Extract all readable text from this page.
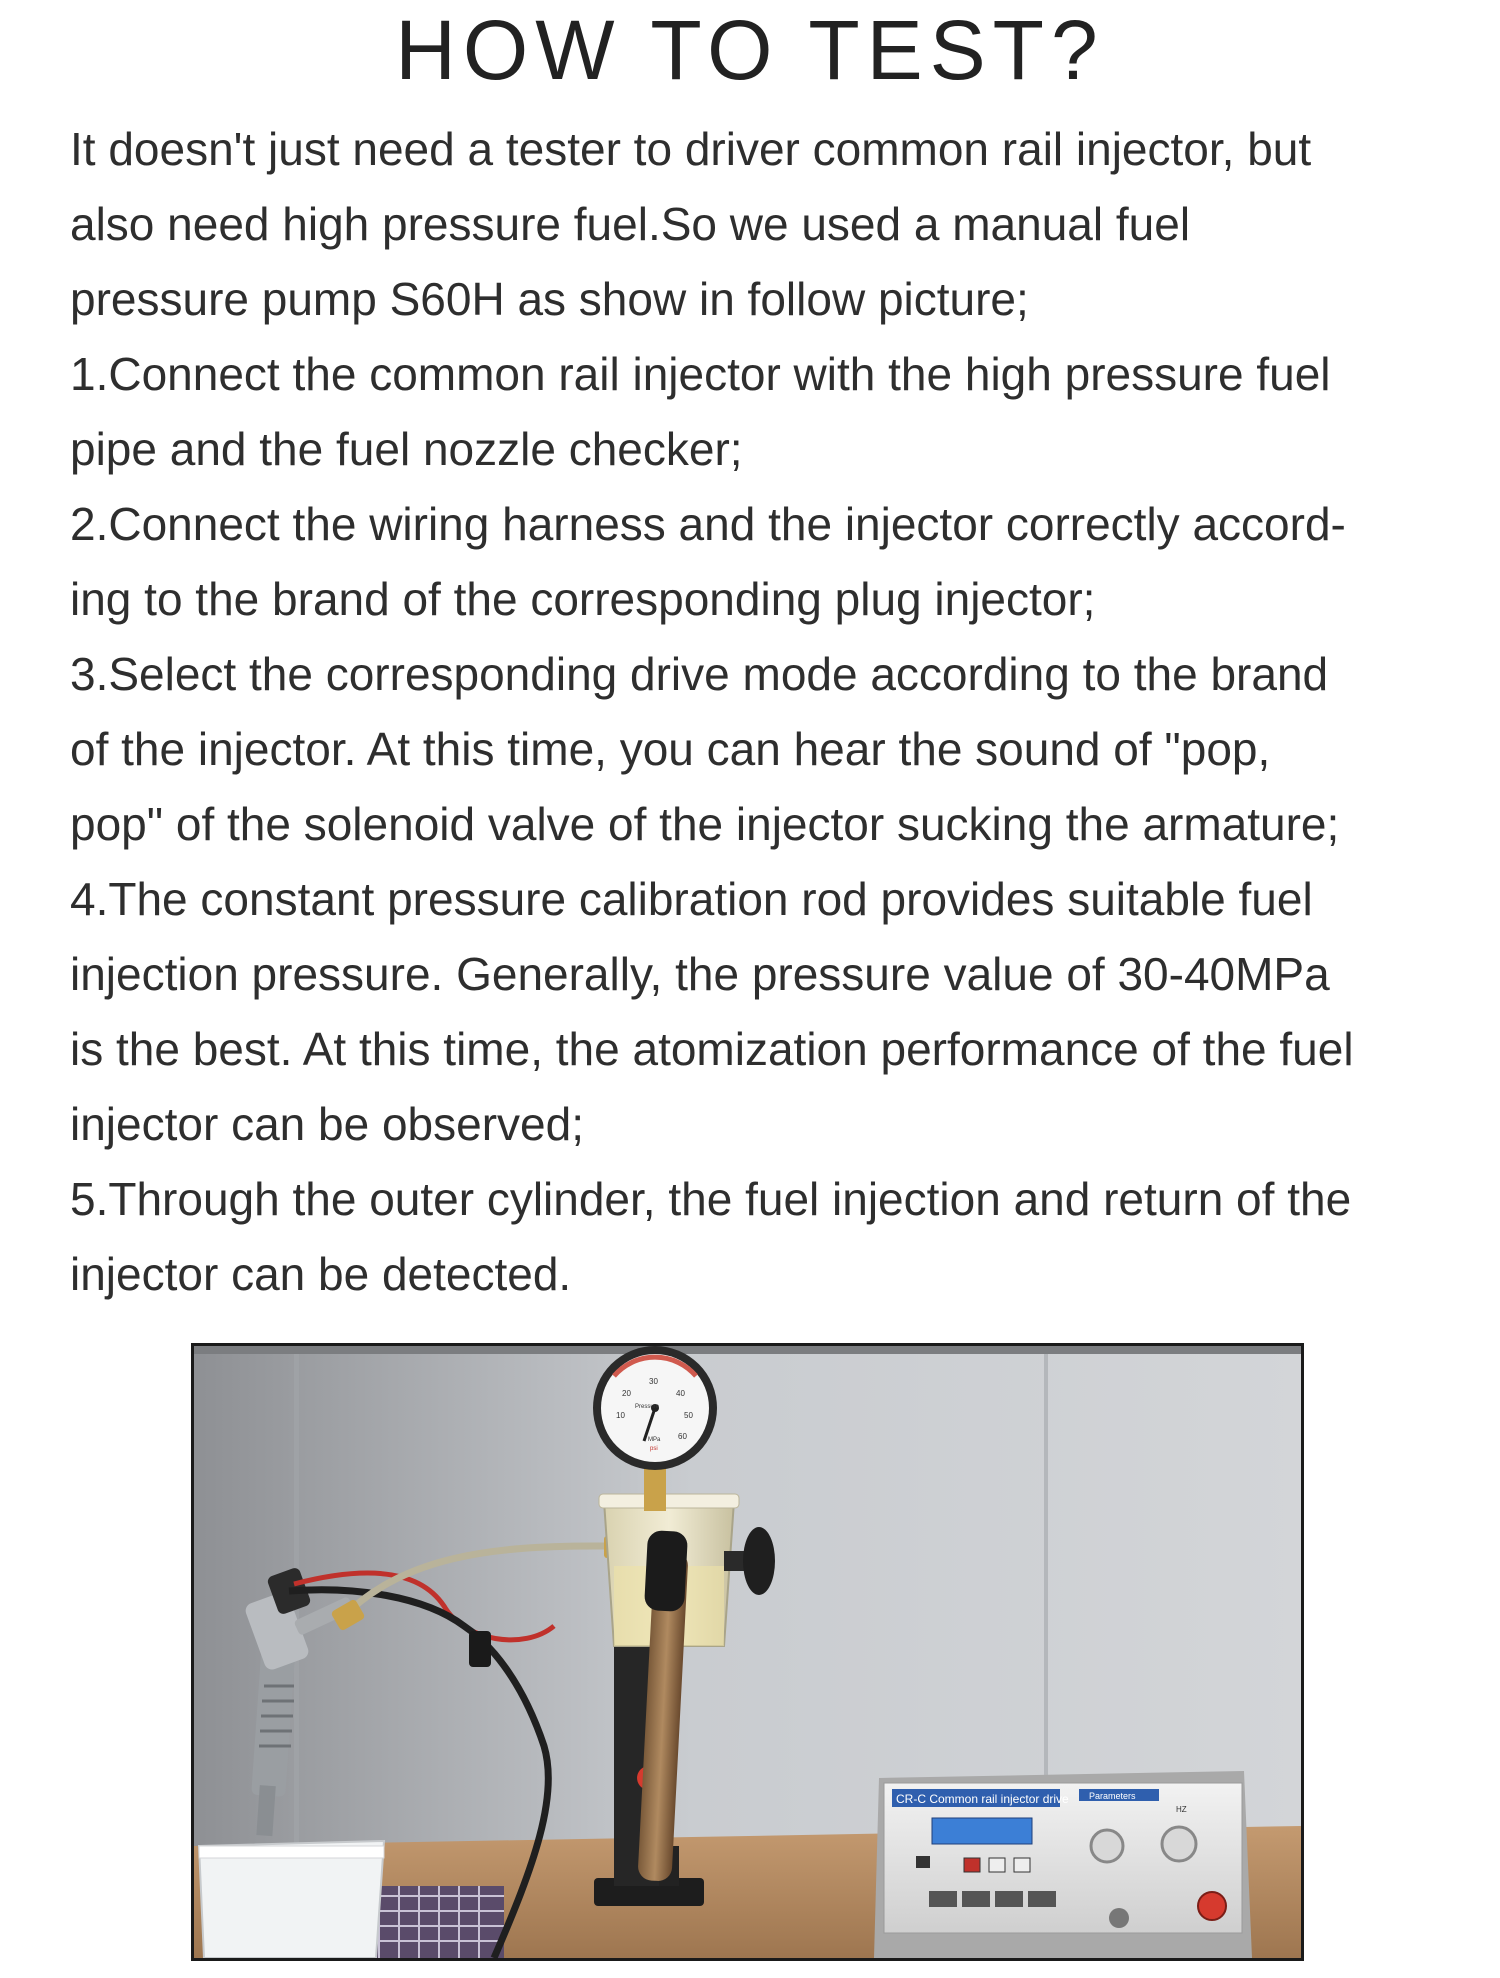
HOW TO TEST?
It doesn't just need a tester to driver common rail injector, but
also need high pressure fuel.So we used a manual fuel
pressure pump S60H as show in follow picture;
1.Connect the common rail injector with the high pressure fuel
pipe and the fuel nozzle checker;
2.Connect the wiring harness and the injector correctly accord-
ing to the brand of the corresponding plug injector;
3.Select the corresponding drive mode according to the brand
of the injector. At this time, you can hear the sound of "pop,
pop" of the solenoid valve of the injector sucking the armature;
4.The constant pressure calibration rod provides suitable fuel
injection pressure. Generally, the pressure value of 30-40MPa
is the best. At this time, the atomization performance of the fuel
injector can be observed;
5.Through the outer cylinder, the fuel injection and return of the
injector can be detected.
10
20
30
40
50
60
Pressure
MPa
psi
CR-C Common rail injector drive Parameters
HZ
